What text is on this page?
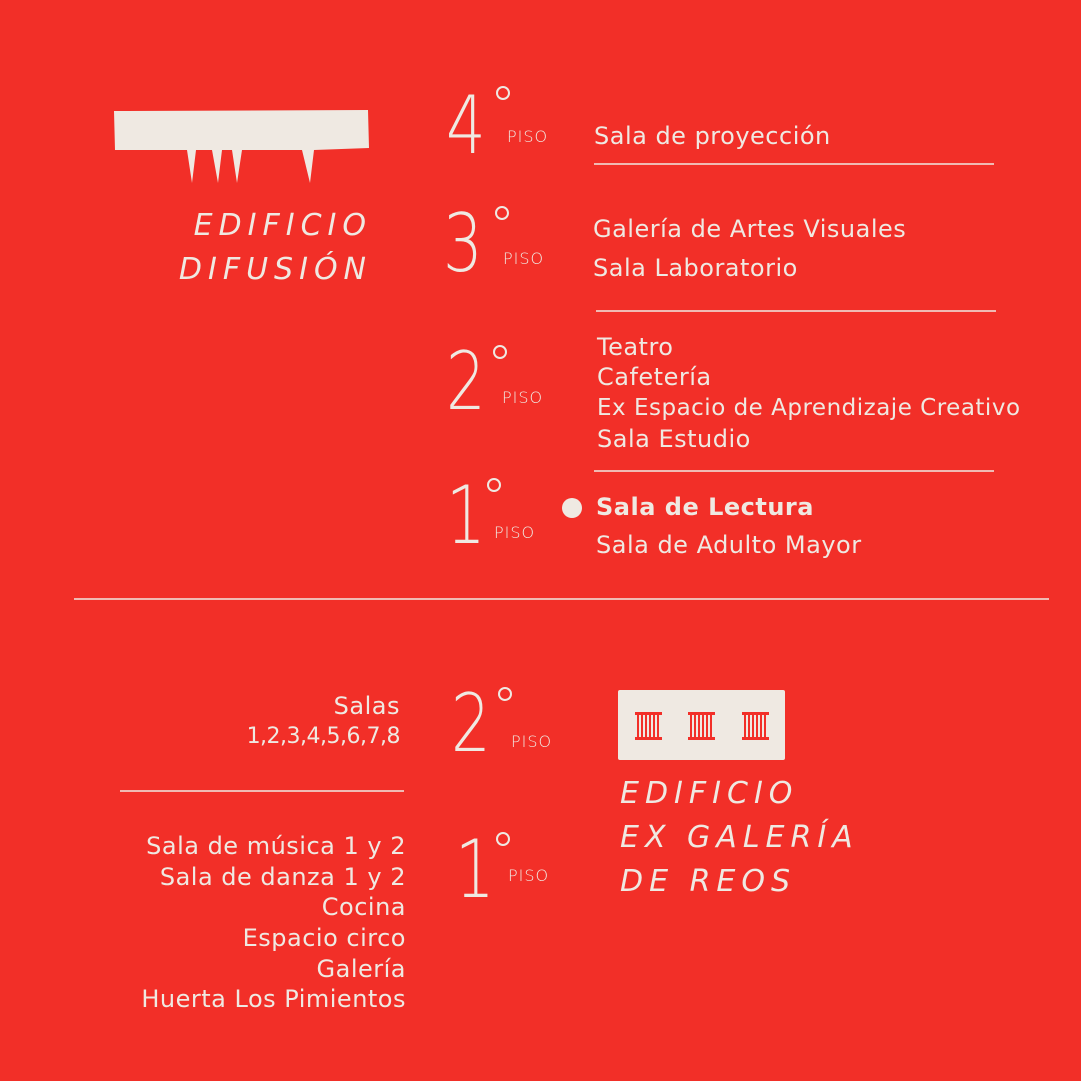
EDIFICIO
DIFUSIÓN
4 PISO Sala de proyección
3 PISO
Galería de Artes Visuales
Sala Laboratorio
2 PISO
Teatro
Cafetería
Ex Espacio de Aprendizaje Creativo
Sala Estudio
1 PISO
Sala de Lectura
Sala de Adulto Mayor
Salas
1,2,3,4,5,6,7,8 2 PISO
Sala de música 1 y 2
Sala de danza 1 y 2
Cocina
Espacio circo
Galería
Huerta Los Pimientos
1 PISO
EDIFICIO
EX GALERÍA
DE REOS
